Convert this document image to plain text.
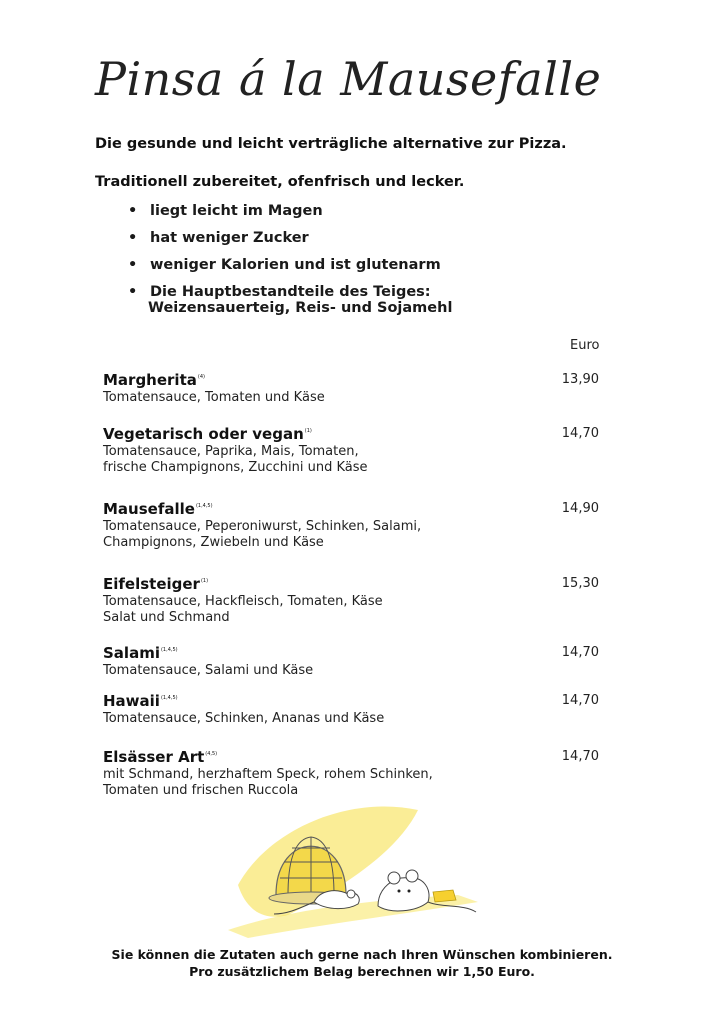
Pinsa á la Mausefalle
Die gesunde und leicht verträgliche alternative zur Pizza.
Traditionell zubereitet, ofenfrisch und lecker.
• liegt leicht im Magen
• hat weniger Zucker
• weniger Kalorien und ist glutenarm
• Die Hauptbestandteile des Teiges:
Weizensauerteig, Reis- und Sojamehl
Euro
Margherita$^{(4)}$	13,90
Tomatensauce, Tomaten und Käse
Vegetarisch oder vegan$^{(1)}$	14,70
Tomatensauce, Paprika, Mais, Tomaten,
frische Champignons, Zucchini und Käse
Mausefalle$^{(1,4,5)}$	14,90
Tomatensauce, Peperoniwurst, Schinken, Salami,
Champignons, Zwiebeln und Käse
Eifelsteiger$^{(1)}$	15,30
Tomatensauce, Hackfleisch, Tomaten, Käse
Salat und Schmand
Salami$^{(1,4,5)}$	14,70
Tomatensauce, Salami und Käse
Hawaii$^{(1,4,5)}$	14,70
Tomatensauce, Schinken, Ananas und Käse
Elsässer Art$^{(4,5)}$	14,70
mit Schmand, herzhaftem Speck, rohem Schinken,
Tomaten und frischen Ruccola
Sie können die Zutaten auch gerne nach Ihren Wünschen kombinieren.
Pro zusätzlichem Belag berechnen wir 1,50 Euro.
